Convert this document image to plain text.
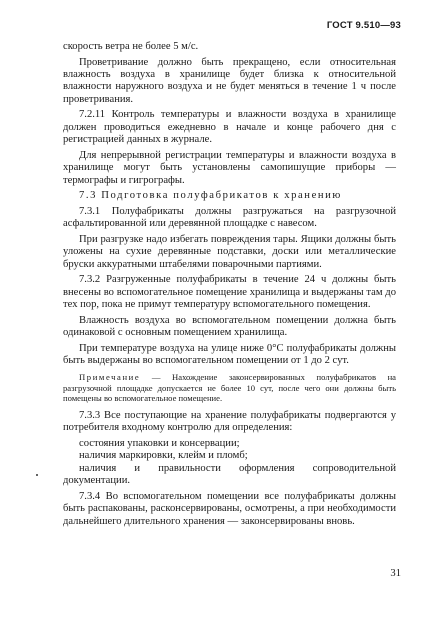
ГОСТ 9.510—93

скорость ветра не более 5 м/с.

Проветривание должно быть прекращено, если относительная влажность воздуха в хранилище будет близка к относительной влажности наружного воздуха и не будет меняться в течение 1 ч после проветривания.

7.2.11 Контроль температуры и влажности воздуха в хранилище должен проводиться ежедневно в начале и конце рабочего дня с регистрацией данных в журнале.

Для непрерывной регистрации температуры и влажности воздуха в хранилище могут быть установлены самопишущие приборы — термографы и гигрографы.

7.3 Подготовка полуфабрикатов к хранению

7.3.1 Полуфабрикаты должны разгружаться на разгрузочной асфальтированной или деревянной площадке с навесом.

При разгрузке надо избегать повреждения тары. Ящики должны быть уложены на сухие деревянные подставки, доски или металлические бруски аккуратными штабелями поварочными партиями.

7.3.2 Разгруженные полуфабрикаты в течение 24 ч должны быть внесены во вспомогательное помещение хранилища и выдержаны там до тех пор, пока не примут температуру вспомогательного помещения.

Влажность воздуха во вспомогательном помещении должна быть одинаковой с основным помещением хранилища.

При температуре воздуха на улице ниже 0°С полуфабрикаты должны быть выдержаны во вспомогательном помещении от 1 до 2 сут.

Примечание — Нахождение законсервированных полуфабрикатов на разгрузочной площадке допускается не более 10 сут, после чего они должны быть помещены во вспомогательное помещение.

7.3.3 Все поступающие на хранение полуфабрикаты подвергаются у потребителя входному контролю для определения:

состояния упаковки и консервации;
наличия маркировки, клейм и пломб;
наличия и правильности оформления сопроводительной документации.

7.3.4 Во вспомогательном помещении все полуфабрикаты должны быть распакованы, расконсервированы, осмотрены, а при необходимости дальнейшего длительного хранения — законсервированы вновь.

31
